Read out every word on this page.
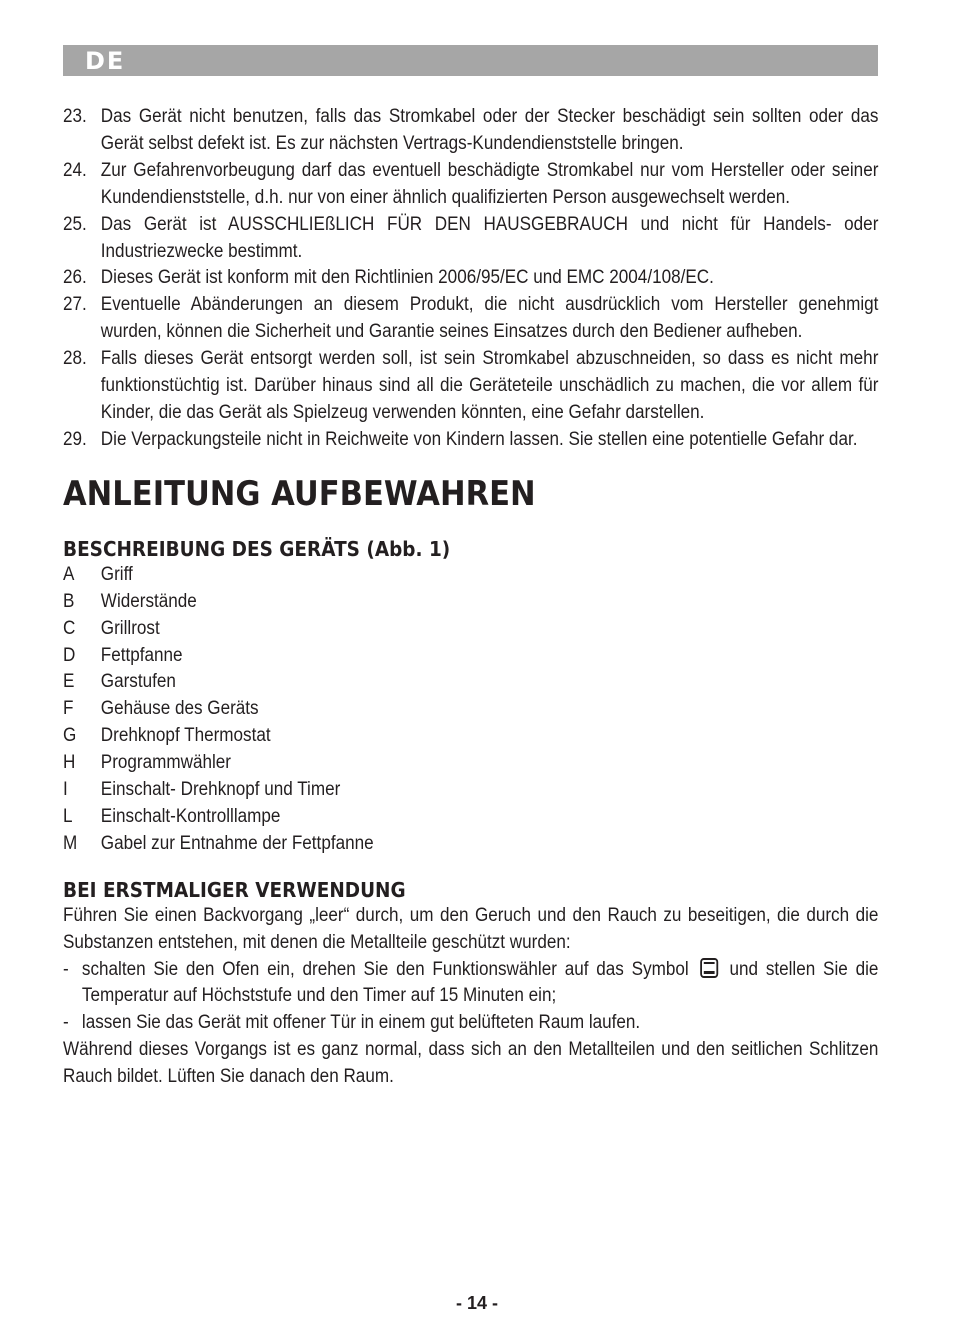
DE
23. Das Gerät nicht benutzen, falls das Stromkabel oder der Stecker beschädigt sein sollten oder das Gerät selbst defekt ist. Es zur nächsten Vertrags-Kundendienststelle bringen.
24. Zur Gefahrenvorbeugung darf das eventuell beschädigte Stromkabel nur vom Hersteller oder seiner Kundendienststelle, d.h. nur von einer ähnlich qualifizierten Person ausgewechselt werden.
25. Das Gerät ist AUSSCHLIEßLICH FÜR DEN HAUSGEBRAUCH und nicht für Handels- oder Industriezwecke bestimmt.
26. Dieses Gerät ist konform mit den Richtlinien 2006/95/EC und EMC 2004/108/EC.
27. Eventuelle Abänderungen an diesem Produkt, die nicht ausdrücklich vom Hersteller genehmigt wurden, können die Sicherheit und Garantie seines Einsatzes durch den Bediener aufheben.
28. Falls dieses Gerät entsorgt werden soll, ist sein Stromkabel abzuschneiden, so dass es nicht mehr funktionstüchtig ist. Darüber hinaus sind all die Geräteteile unschädlich zu machen, die vor allem für Kinder, die das Gerät als Spielzeug verwenden könnten, eine Gefahr darstellen.
29. Die Verpackungsteile nicht in Reichweite von Kindern lassen. Sie stellen eine potentielle Gefahr dar.
ANLEITUNG AUFBEWAHREN
BESCHREIBUNG DES GERÄTS (Abb. 1)
A	Griff
B	Widerstände
C	Grillrost
D	Fettpfanne
E	Garstufen
F	Gehäuse des Geräts
G	Drehknopf Thermostat
H	Programmwähler
I	Einschalt- Drehknopf und Timer
L	Einschalt-Kontrolllampe
M	Gabel zur Entnahme der Fettpfanne
BEI ERSTMALIGER VERWENDUNG

Führen Sie einen Backvorgang „leer“ durch, um den Geruch und den Rauch zu beseitigen, die durch die Substanzen entstehen, mit denen die Metallteile geschützt wurden:

- schalten Sie den Ofen ein, drehen Sie den Funktionswähler auf das Symbol und stellen Sie die Temperatur auf Höchststufe und den Timer auf 15 Minuten ein;
- lassen Sie das Gerät mit offener Tür in einem gut belüfteten Raum laufen.

Während dieses Vorgangs ist es ganz normal, dass sich an den Metallteilen und den seitlichen Schlitzen Rauch bildet. Lüften Sie danach den Raum.

- 14 -
